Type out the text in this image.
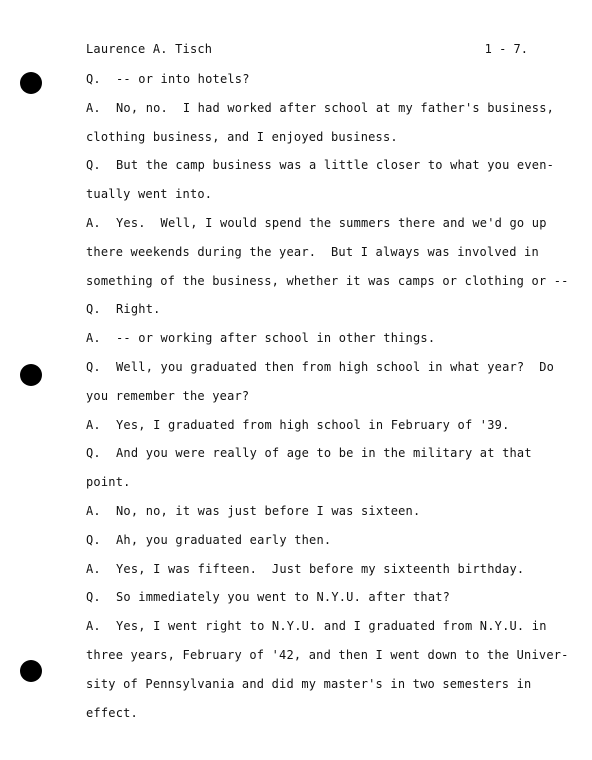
Laurence A. Tisch	1 - 7.
Q. -- or into hotels?
A. No, no.  I had worked after school at my father's business,
clothing business, and I enjoyed business.
Q. But the camp business was a little closer to what you even-
tually went into.
A. Yes.  Well, I would spend the summers there and we'd go up
there weekends during the year.  But I always was involved in
something of the business, whether it was camps or clothing or --
Q. Right.
A. -- or working after school in other things.
Q. Well, you graduated then from high school in what year?  Do
you remember the year?
A. Yes, I graduated from high school in February of '39.
Q. And you were really of age to be in the military at that
point.
A. No, no, it was just before I was sixteen.
Q. Ah, you graduated early then.
A. Yes, I was fifteen.  Just before my sixteenth birthday.
Q. So immediately you went to N.Y.U. after that?
A. Yes, I went right to N.Y.U. and I graduated from N.Y.U. in
three years, February of '42, and then I went down to the Univer-
sity of Pennsylvania and did my master's in two semesters in
effect.
